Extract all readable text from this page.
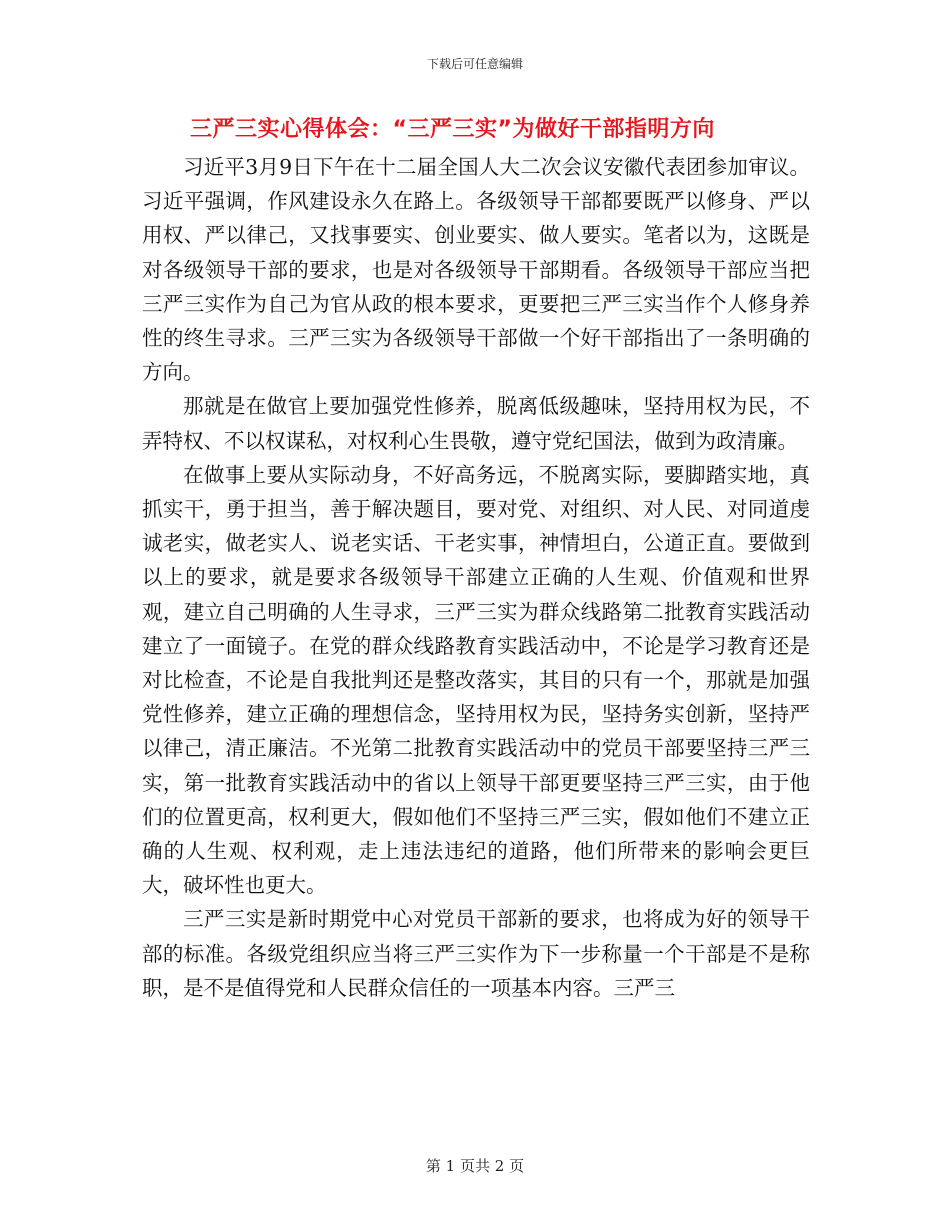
下载后可任意编辑
三严三实心得体会：“三严三实”为做好干部指明方向

习近平3月9日下午在十二届全国人大二次会议安徽代表团参加审议。习近平强调，作风建设永久在路上。各级领导干部都要既严以修身、严以用权、严以律己，又找事要实、创业要实、做人要实。笔者以为，这既是对各级领导干部的要求，也是对各级领导干部期看。各级领导干部应当把三严三实作为自己为官从政的根本要求，更要把三严三实当作个人修身养性的终生寻求。三严三实为各级领导干部做一个好干部指出了一条明确的方向。

那就是在做官上要加强党性修养，脱离低级趣味，坚持用权为民，不弄特权、不以权谋私，对权利心生畏敬，遵守党纪国法，做到为政清廉。

在做事上要从实际动身，不好高务远，不脱离实际，要脚踏实地，真抓实干，勇于担当，善于解决题目，要对党、对组织、对人民、对同道虔诚老实，做老实人、说老实话、干老实事，神情坦白，公道正直。要做到以上的要求，就是要求各级领导干部建立正确的人生观、价值观和世界观，建立自己明确的人生寻求，三严三实为群众线路第二批教育实践活动建立了一面镜子。在党的群众线路教育实践活动中，不论是学习教育还是对比检查，不论是自我批判还是整改落实，其目的只有一个，那就是加强党性修养，建立正确的理想信念，坚持用权为民，坚持务实创新，坚持严以律己，清正廉洁。不光第二批教育实践活动中的党员干部要坚持三严三实，第一批教育实践活动中的省以上领导干部更要坚持三严三实，由于他们的位置更高，权利更大，假如他们不坚持三严三实，假如他们不建立正确的人生观、权利观，走上违法违纪的道路，他们所带来的影响会更巨大，破坏性也更大。

三严三实是新时期党中心对党员干部新的要求，也将成为好的领导干部的标准。各级党组织应当将三严三实作为下一步称量一个干部是不是称职，是不是值得党和人民群众信任的一项基本内容。三严三

第 1 页共 2 页
